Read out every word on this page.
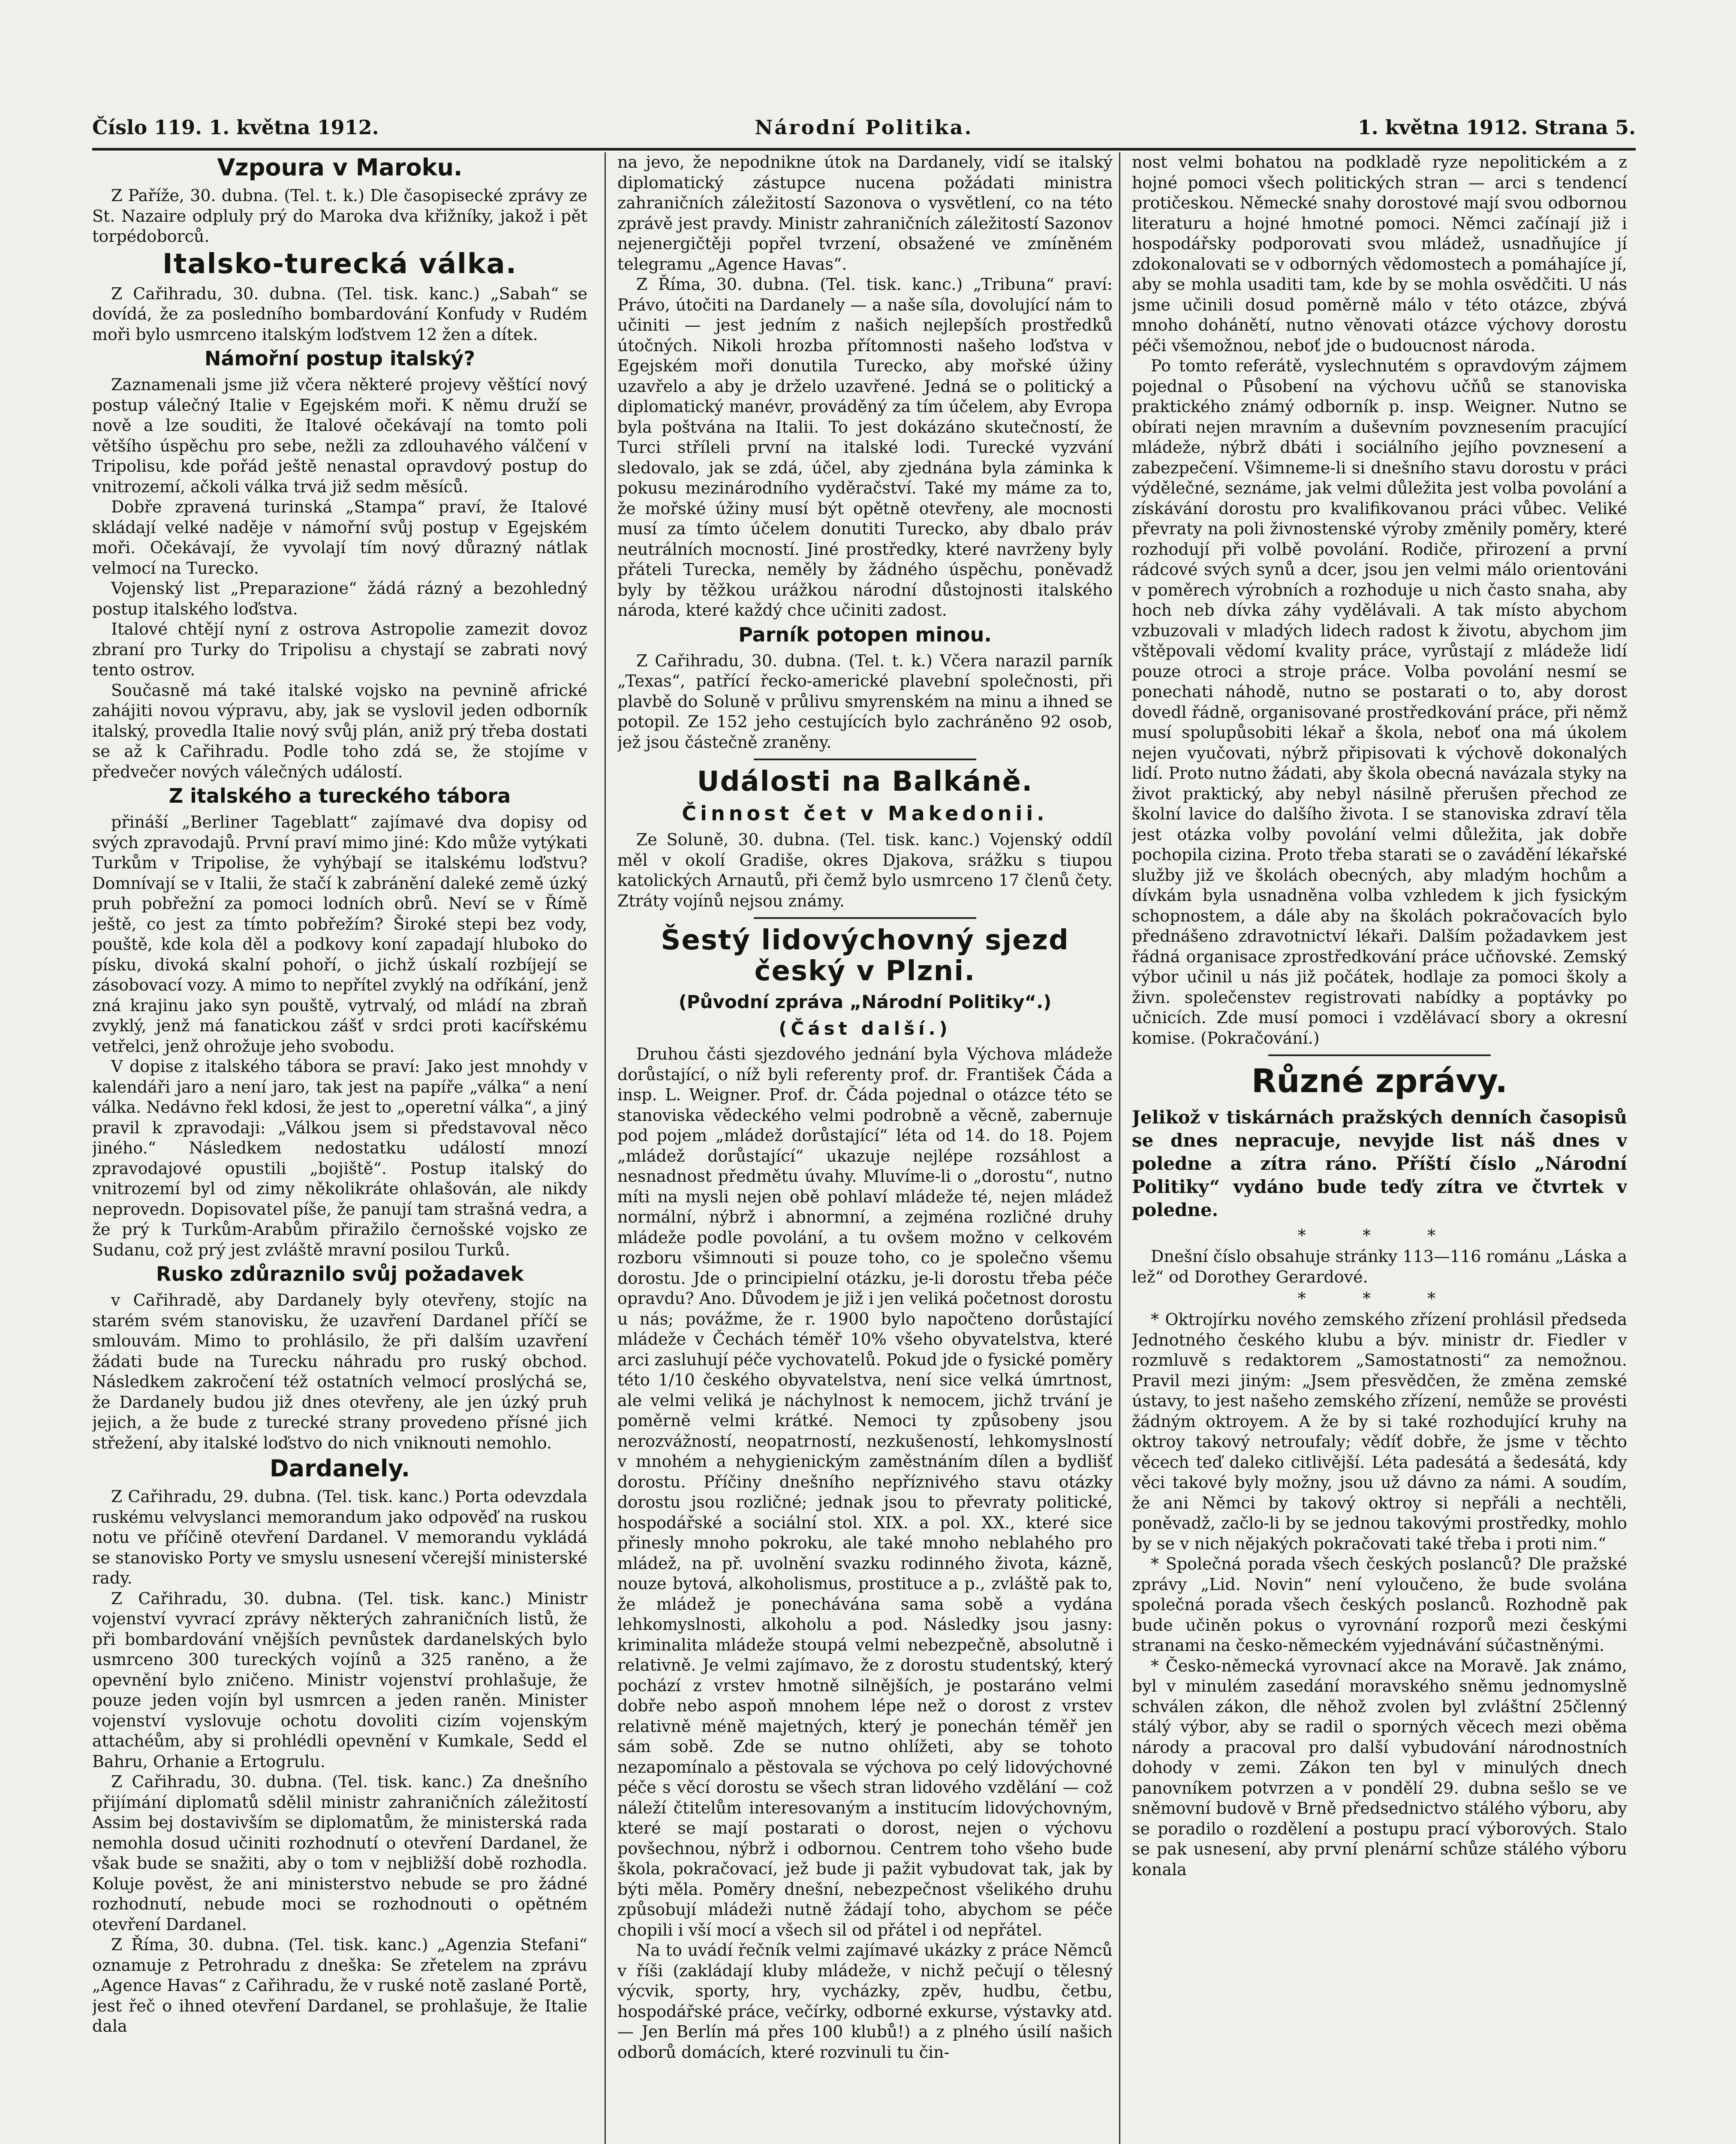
Číslo 119. 1. května 1912.	Národní Politika.	1. května 1912. Strana 5.
Vzpoura v Maroku.

Z Paříže, 30. dubna. (Tel. t. k.) Dle časopisecké zprávy ze St. Nazaire odpluly prý do Maroka dva křižníky, jakož i pět torpédoborců.

Italsko-turecká válka.

Z Cařihradu, 30. dubna. (Tel. tisk. kanc.) „Sabah“ se dovídá, že za posledního bombardování Konfudy v Rudém moři bylo usmrceno italským loďstvem 12 žen a dítek.

Námořní postup italský?

Zaznamenali jsme již včera některé projevy věštící nový postup válečný Italie v Egejském moři. K němu druží se nově a lze souditi, že Italové očekávají na tomto poli většího úspěchu pro sebe, nežli za zdlouhavého válčení v Tripolisu, kde pořád ještě nenastal opravdový postup do vnitrozemí, ačkoli válka trvá již sedm měsíců.

Dobře zpravená turinská „Stampa“ praví, že Italové skládají velké naděje v námořní svůj postup v Egejském moři. Očekávají, že vyvolají tím nový důrazný nátlak velmocí na Turecko.

Vojenský list „Preparazione“ žádá rázný a bezohledný postup italského loďstva.

Italové chtějí nyní z ostrova Astropolie zamezit dovoz zbraní pro Turky do Tripolisu a chystají se zabrati nový tento ostrov.

Současně má také italské vojsko na pevnině africké zahájiti novou výpravu, aby, jak se vyslovil jeden odborník italský, provedla Italie nový svůj plán, aniž prý třeba dostati se až k Cařihradu. Podle toho zdá se, že stojíme v předvečer nových válečných událostí.

Z italského a tureckého tábora

přináší „Berliner Tageblatt“ zajímavé dva dopisy od svých zpravodajů. První praví mimo jiné: Kdo může vytýkati Turkům v Tripolise, že vyhýbají se italskému loďstvu? Domnívají se v Italii, že stačí k zabránění daleké země úzký pruh pobřežní za pomoci lodních obrů. Neví se v Římě ještě, co jest za tímto pobřežím? Široké stepi bez vody, pouště, kde kola děl a podkovy koní zapadají hluboko do písku, divoká skalní pohoří, o jichž úskalí rozbíjejí se zásobovací vozy. A mimo to nepřítel zvyklý na odříkání, jenž zná krajinu jako syn pouště, vytrvalý, od mládí na zbraň zvyklý, jenž má fanatickou zášť v srdci proti kacířskému vetřelci, jenž ohrožuje jeho svobodu.

V dopise z italského tábora se praví: Jako jest mnohdy v kalendáři jaro a není jaro, tak jest na papíře „válka“ a není válka. Nedávno řekl kdosi, že jest to „operetní válka“, a jiný pravil k zpravodaji: „Válkou jsem si představoval něco jiného.“ Následkem nedostatku událostí mnozí zpravodajové opustili „bojiště“. Postup italský do vnitrozemí byl od zimy několikráte ohlašován, ale nikdy neprovedn. Dopisovatel píše, že panují tam strašná vedra, a že prý k Turkům-Arabům přiražilo černošské vojsko ze Sudanu, což prý jest zvláště mravní posilou Turků.

Rusko zdůraznilo svůj požadavek

v Cařihradě, aby Dardanely byly otevřeny, stojíc na starém svém stanovisku, že uzavření Dardanel příčí se smlouvám. Mimo to prohlásilo, že při dalším uzavření žádati bude na Turecku náhradu pro ruský obchod. Následkem zakročení též ostatních velmocí proslýchá se, že Dardanely budou již dnes otevřeny, ale jen úzký pruh jejich, a že bude z turecké strany provedeno přísné jich střežení, aby italské loďstvo do nich vniknouti nemohlo.

Dardanely.

Z Cařihradu, 29. dubna. (Tel. tisk. kanc.) Porta odevzdala ruskému velvyslanci memorandum jako odpověď na ruskou notu ve příčině otevření Dardanel. V memorandu vykládá se stanovisko Porty ve smyslu usnesení včerejší ministerské rady.

Z Cařihradu, 30. dubna. (Tel. tisk. kanc.) Ministr vojenství vyvrací zprávy některých zahraničních listů, že při bombardování vnějších pevnůstek dardanelských bylo usmrceno 300 tureckých vojínů a 325 raněno, a že opevnění bylo zničeno. Ministr vojenství prohlašuje, že pouze jeden vojín byl usmrcen a jeden raněn. Minister vojenství vyslovuje ochotu dovoliti cizím vojenským attachéům, aby si prohlédli opevnění v Kumkale, Sedd el Bahru, Orhanie a Ertogrulu.

Z Cařihradu, 30. dubna. (Tel. tisk. kanc.) Za dnešního přijímání diplomatů sdělil ministr zahraničních záležitostí Assim bej dostavivším se diplomatům, že ministerská rada nemohla dosud učiniti rozhodnutí o otevření Dardanel, že však bude se snažiti, aby o tom v nejbližší době rozhodla. Koluje pověst, že ani ministerstvo nebude se pro žádné rozhodnutí, nebude moci se rozhodnouti o opětném otevření Dardanel.

Z Říma, 30. dubna. (Tel. tisk. kanc.) „Agenzia Stefani“ oznamuje z Petrohradu z dneška: Se zřetelem na zprávu „Agence Havas“ z Cařihradu, že v ruské notě zaslané Portě, jest řeč o ihned otevření Dardanel, se prohlašuje, že Italie dala

na jevo, že nepodnikne útok na Dardanely, vidí se italský diplomatický zástupce nucena požádati ministra zahraničních záležitostí Sazonova o vysvětlení, co na této zprávě jest pravdy. Ministr zahraničních záležitostí Sazonov nejenergičtěji popřel tvrzení, obsažené ve zmíněném telegramu „Agence Havas“.

Z Říma, 30. dubna. (Tel. tisk. kanc.) „Tribuna“ praví: Právo, útočiti na Dardanely — a naše síla, dovolující nám to učiniti — jest jedním z našich nejlepších prostředků útočných. Nikoli hrozba přítomnosti našeho loďstva v Egejském moři donutila Turecko, aby mořské úžiny uzavřelo a aby je drželo uzavřené. Jedná se o politický a diplomatický manévr, prováděný za tím účelem, aby Evropa byla poštvána na Italii. To jest dokázáno skutečností, že Turci stříleli první na italské lodi. Turecké vyzvání sledovalo, jak se zdá, účel, aby zjednána byla záminka k pokusu mezinárodního vyděračství. Také my máme za to, že mořské úžiny musí být opětně otevřeny, ale mocnosti musí za tímto účelem donutiti Turecko, aby dbalo práv neutrálních mocností. Jiné prostředky, které navrženy byly přáteli Turecka, neměly by žádného úspěchu, poněvadž byly by těžkou urážkou národní důstojnosti italského národa, které každý chce učiniti zadost.

Parník potopen minou.

Z Cařihradu, 30. dubna. (Tel. t. k.) Včera narazil parník „Texas“, patřící řecko-americké plavební společnosti, při plavbě do Soluně v průlivu smyrenském na minu a ihned se potopil. Ze 152 jeho cestujících bylo zachráněno 92 osob, jež jsou částečně zraněny.

Události na Balkáně.
Činnost čet v Makedonii.

Ze Soluně, 30. dubna. (Tel. tisk. kanc.) Vojenský oddíl měl v okolí Gradiše, okres Djakova, srážku s tiupou katolických Arnautů, při čemž bylo usmrceno 17 členů čety. Ztráty vojínů nejsou známy.

Šestý lidovýchovný sjezd český v Plzni.
(Původní zpráva „Národní Politiky“.)
(Část další.)

Druhou části sjezdového jednání byla Výchova mládeže dorůstající, o níž byli referenty prof. dr. František Čáda a insp. L. Weigner. Prof. dr. Čáda pojednal o otázce této se stanoviska vědeckého velmi podrobně a věcně, zabernuje pod pojem „mládež dorůstající“ léta od 14. do 18. Pojem „mládež dorůstající“ ukazuje nejlépe rozsáhlost a nesnadnost předmětu úvahy. Mluvíme-li o „dorostu“, nutno míti na mysli nejen obě pohlaví mládeže té, nejen mládež normální, nýbrž i abnormní, a zejména rozličné druhy mládeže podle povolání, a tu ovšem možno v celkovém rozboru všimnouti si pouze toho, co je společno všemu dorostu. Jde o principielní otázku, je-li dorostu třeba péče opravdu? Ano. Důvodem je již i jen veliká početnost dorostu u nás; povážme, že r. 1900 bylo napočteno dorůstající mládeže v Čechách téměř 10% všeho obyvatelstva, které arci zasluhují péče vychovatelů. Pokud jde o fysické poměry této 1/10 českého obyvatelstva, není sice velká úmrtnost, ale velmi veliká je náchylnost k nemocem, jichž trvání je poměrně velmi krátké. Nemoci ty způsobeny jsou nerozvážností, neopatrností, nezkušeností, lehkomyslností v mnohém a nehygienickým zaměstnáním dílen a bydlišť dorostu. Příčiny dnešního nepříznivého stavu otázky dorostu jsou rozličné; jednak jsou to převraty politické, hospodářské a sociální stol. XIX. a pol. XX., které sice přinesly mnoho pokroku, ale také mnoho neblahého pro mládež, na př. uvolnění svazku rodinného života, kázně, nouze bytová, alkoholismus, prostituce a p., zvláště pak to, že mládež je ponechávána sama sobě a vydána lehkomyslnosti, alkoholu a pod. Následky jsou jasny: kriminalita mládeže stoupá velmi nebezpečně, absolutně i relativně. Je velmi zajímavo, že z dorostu studentský, který pochází z vrstev hmotně silnějších, je postaráno velmi dobře nebo aspoň mnohem lépe než o dorost z vrstev relativně méně majetných, který je ponechán téměř jen sám sobě. Zde se nutno ohlížeti, aby se tohoto nezapomínalo a pěstovala se výchova po celý lidovýchovné péče s věcí dorostu se všech stran lidového vzdělání — což náleží čtitelům interesovaným a institucím lidovýchovným, které se mají postarati o dorost, nejen o výchovu povšechnou, nýbrž i odbornou. Centrem toho všeho bude škola, pokračovací, jež bude ji pažit vybudovat tak, jak by býti měla. Poměry dnešní, nebezpečnost všelikého druhu způsobují mládeži nutně žádají toho, abychom se péče chopili i vší mocí a všech sil od přátel i od nepřátel.

Na to uvádí řečník velmi zajímavé ukázky z práce Němců v říši (zakládají kluby mládeže, v nichž pečují o tělesný výcvik, sporty, hry, vycházky, zpěv, hudbu, četbu, hospodářské práce, večírky, odborné exkurse, výstavky atd. — Jen Berlín má přes 100 klubů!) a z plného úsilí našich odborů domácích, které rozvinuli tu čin-

nost velmi bohatou na podkladě ryze nepolitickém a z hojné pomoci všech politických stran — arci s tendencí protičeskou. Německé snahy dorostové mají svou odbornou literaturu a hojné hmotné pomoci. Němci začínají již i hospodářsky podporovati svou mládež, usnadňujíce jí zdokonalovati se v odborných vědomostech a pomáhajíce jí, aby se mohla usaditi tam, kde by se mohla osvědčiti. U nás jsme učinili dosud poměrně málo v této otázce, zbývá mnoho dohánětí, nutno věnovati otázce výchovy dorostu péči všemožnou, neboť jde o budoucnost národa.

Po tomto referátě, vyslechnutém s opravdovým zájmem pojednal o Působení na výchovu učňů se stanoviska praktického známý odborník p. insp. Weigner. Nutno se obírati nejen mravním a duševním povznesením pracující mládeže, nýbrž dbáti i sociálního jejího povznesení a zabezpečení. Všimneme-li si dnešního stavu dorostu v práci výdělečné, seznáme, jak velmi důležita jest volba povolání a získávání dorostu pro kvalifikovanou práci vůbec. Veliké převraty na poli živnostenské výroby změnily poměry, které rozhodují při volbě povolání. Rodiče, přirození a první rádcové svých synů a dcer, jsou jen velmi málo orientováni v poměrech výrobních a rozhoduje u nich často snaha, aby hoch neb dívka záhy vydělávali. A tak místo abychom vzbuzovali v mladých lidech radost k životu, abychom jim vštěpovali vědomí kvality práce, vyrůstají z mládeže lidí pouze otroci a stroje práce. Volba povolání nesmí se ponechati náhodě, nutno se postarati o to, aby dorost dovedl řádně, organisované prostředkování práce, při němž musí spolupůsobiti lékař a škola, neboť ona má úkolem nejen vyučovati, nýbrž připisovati k výchově dokonalých lidí. Proto nutno žádati, aby škola obecná navázala styky na život praktický, aby nebyl násilně přerušen přechod ze školní lavice do dalšího života. I se stanoviska zdraví těla jest otázka volby povolání velmi důležita, jak dobře pochopila cizina. Proto třeba starati se o zavádění lékařské služby již ve školách obecných, aby mladým hochům a dívkám byla usnadněna volba vzhledem k jich fysickým schopnostem, a dále aby na školách pokračovacích bylo přednášeno zdravotnictví lékaři. Dalším požadavkem jest řádná organisace zprostředkování práce učňovské. Zemský výbor učinil u nás již počátek, hodlaje za pomoci školy a živn. společenstev registrovati nabídky a poptávky po učnicích. Zde musí pomoci i vzdělávací sbory a okresní komise. (Pokračování.)

Různé zprávy.
Jelikož v tiskárnách pražských denních časopisů se dnes nepracuje, nevyjde list náš dnes v poledne a zítra ráno. Příští číslo „Národní Politiky“ vydáno bude teďy zítra ve čtvrtek v poledne.
* * *

Dnešní číslo obsahuje stránky 113—116 románu „Láska a lež“ od Dorothey Gerardové.

* * *

* Oktrojírku nového zemského zřízení prohlásil předseda Jednotného českého klubu a býv. ministr dr. Fiedler v rozmluvě s redaktorem „Samostatnosti“ za nemožnou. Pravil mezi jiným: „Jsem přesvědčen, že změna zemské ústavy, to jest našeho zemského zřízení, nemůže se provésti žádným oktroyem. A že by si také rozhodující kruhy na oktroy takový netroufaly; vědíť dobře, že jsme v těchto věcech teď daleko citlivější. Léta padesátá a šedesátá, kdy věci takové byly možny, jsou už dávno za námi. A soudím, že ani Němci by takový oktroy si nepřáli a nechtěli, poněvadž, začlo-li by se jednou takovými prostředky, mohlo by se v nich nějakých pokračovati také třeba i proti nim.“

* Společná porada všech českých poslanců? Dle pražské zprávy „Lid. Novin“ není vyloučeno, že bude svolána společná porada všech českých poslanců. Rozhodně pak bude učiněn pokus o vyrovnání rozporů mezi českými stranami na česko-německém vyjednávání súčastněnými.

* Česko-německá vyrovnací akce na Moravě. Jak známo, byl v minulém zasedání moravského sněmu jednomyslně schválen zákon, dle něhož zvolen byl zvláštní 25členný stálý výbor, aby se radil o sporných věcech mezi oběma národy a pracoval pro další vybudování národnostních dohody v zemi. Zákon ten byl v minulých dnech panovníkem potvrzen a v pondělí 29. dubna sešlo se ve sněmovní budově v Brně předsednictvo stálého výboru, aby se poradilo o rozdělení a postupu prací výborových. Stalo se pak usnesení, aby první plenární schůze stálého výboru konala
